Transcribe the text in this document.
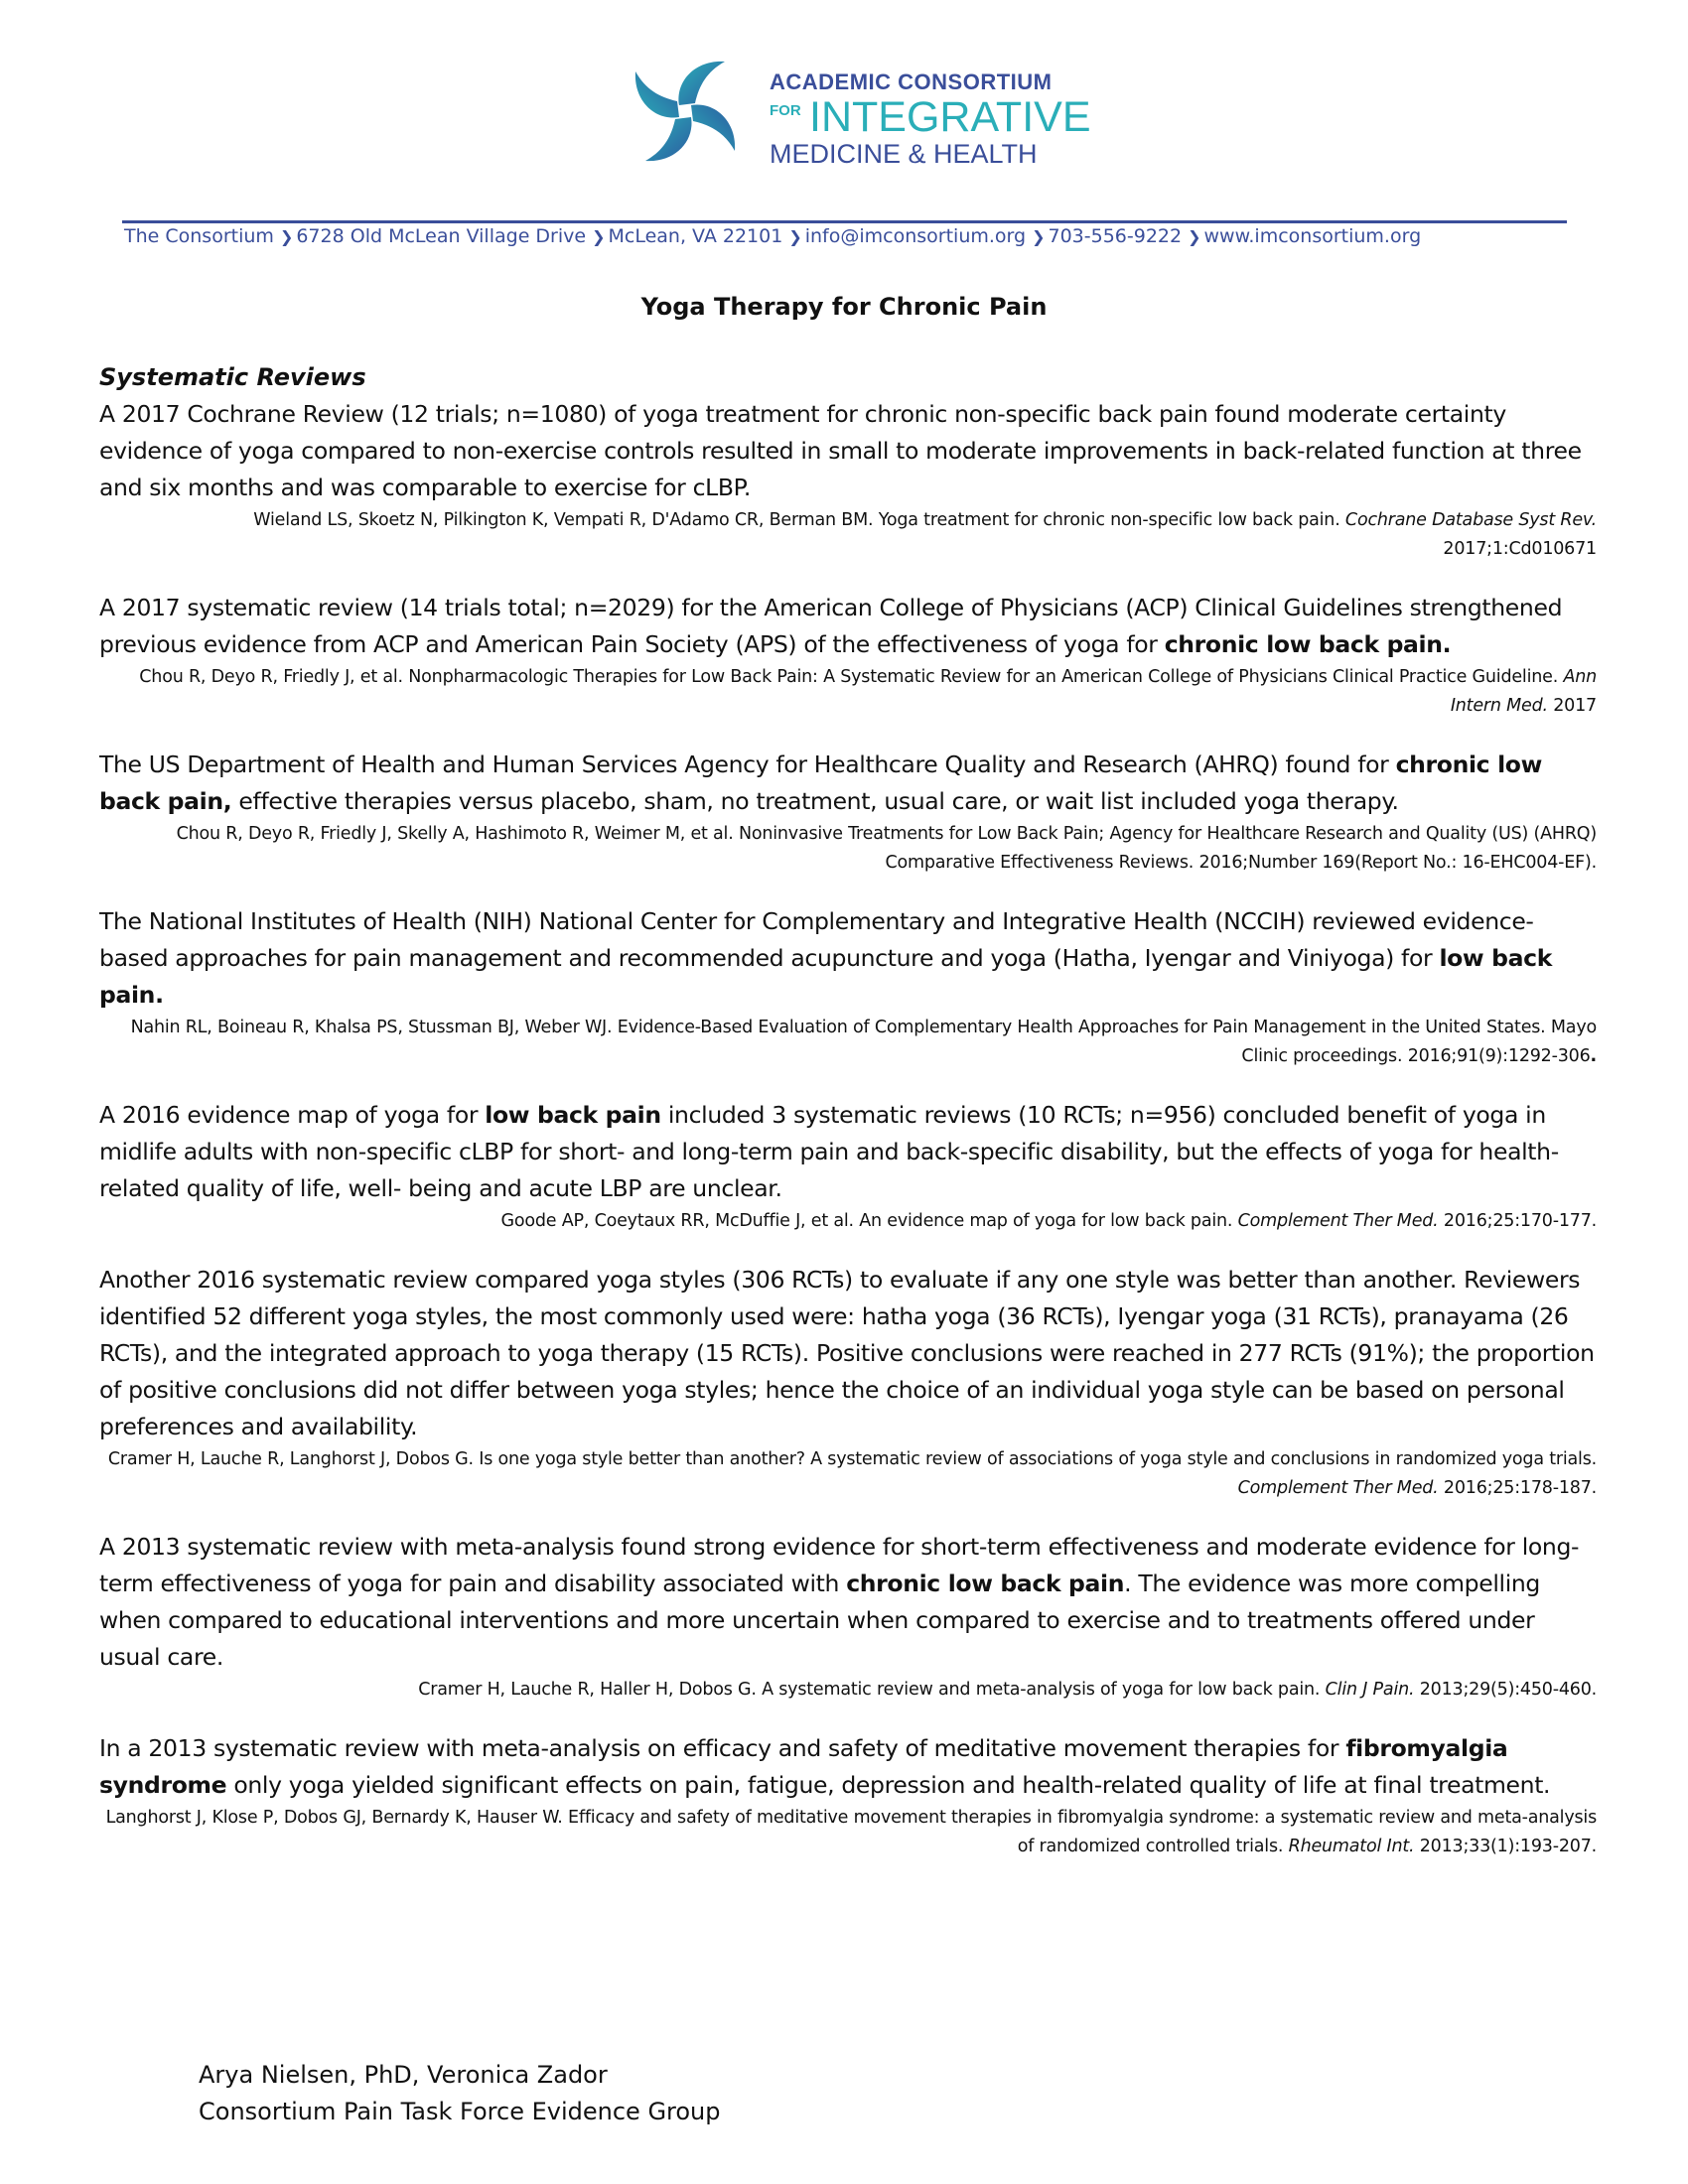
ACADEMIC CONSORTIUM
FOR INTEGRATIVE
MEDICINE & HEALTH
The Consortium ❯ 6728 Old McLean Village Drive ❯ McLean, VA 22101 ❯ info@imconsortium.org ❯ 703-556-9222 ❯ www.imconsortium.org
Yoga Therapy for Chronic Pain

Systematic Reviews

A 2017 Cochrane Review (12 trials; n=1080) of yoga treatment for chronic non-specific back pain found moderate certainty evidence of yoga compared to non-exercise controls resulted in small to moderate improvements in back-related function at three and six months and was comparable to exercise for cLBP.

Wieland LS, Skoetz N, Pilkington K, Vempati R, D'Adamo CR, Berman BM. Yoga treatment for chronic non-specific low back pain. Cochrane Database Syst Rev. 2017;1:Cd010671

A 2017 systematic review (14 trials total; n=2029) for the American College of Physicians (ACP) Clinical Guidelines strengthened previous evidence from ACP and American Pain Society (APS) of the effectiveness of yoga for chronic low back pain.

Chou R, Deyo R, Friedly J, et al. Nonpharmacologic Therapies for Low Back Pain: A Systematic Review for an American College of Physicians Clinical Practice Guideline. Ann Intern Med. 2017

The US Department of Health and Human Services Agency for Healthcare Quality and Research (AHRQ) found for chronic low back pain, effective therapies versus placebo, sham, no treatment, usual care, or wait list included yoga therapy.

Chou R, Deyo R, Friedly J, Skelly A, Hashimoto R, Weimer M, et al. Noninvasive Treatments for Low Back Pain; Agency for Healthcare Research and Quality (US) (AHRQ) Comparative Effectiveness Reviews. 2016;Number 169(Report No.: 16-EHC004-EF).

The National Institutes of Health (NIH) National Center for Complementary and Integrative Health (NCCIH) reviewed evidence-based approaches for pain management and recommended acupuncture and yoga (Hatha, Iyengar and Viniyoga) for low back pain.

Nahin RL, Boineau R, Khalsa PS, Stussman BJ, Weber WJ. Evidence-Based Evaluation of Complementary Health Approaches for Pain Management in the United States. Mayo Clinic proceedings. 2016;91(9):1292-306.

A 2016 evidence map of yoga for low back pain included 3 systematic reviews (10 RCTs; n=956) concluded benefit of yoga in midlife adults with non-specific cLBP for short- and long-term pain and back-specific disability, but the effects of yoga for health-related quality of life, well- being and acute LBP are unclear.

Goode AP, Coeytaux RR, McDuffie J, et al. An evidence map of yoga for low back pain. Complement Ther Med. 2016;25:170-177.

Another 2016 systematic review compared yoga styles (306 RCTs) to evaluate if any one style was better than another. Reviewers identified 52 different yoga styles, the most commonly used were: hatha yoga (36 RCTs), Iyengar yoga (31 RCTs), pranayama (26 RCTs), and the integrated approach to yoga therapy (15 RCTs). Positive conclusions were reached in 277 RCTs (91%); the proportion of positive conclusions did not differ between yoga styles; hence the choice of an individual yoga style can be based on personal preferences and availability.

Cramer H, Lauche R, Langhorst J, Dobos G. Is one yoga style better than another? A systematic review of associations of yoga style and conclusions in randomized yoga trials. Complement Ther Med. 2016;25:178-187.

A 2013 systematic review with meta-analysis found strong evidence for short-term effectiveness and moderate evidence for long-term effectiveness of yoga for pain and disability associated with chronic low back pain. The evidence was more compelling when compared to educational interventions and more uncertain when compared to exercise and to treatments offered under usual care.

Cramer H, Lauche R, Haller H, Dobos G. A systematic review and meta-analysis of yoga for low back pain. Clin J Pain. 2013;29(5):450-460.

In a 2013 systematic review with meta-analysis on efficacy and safety of meditative movement therapies for fibromyalgia syndrome only yoga yielded significant effects on pain, fatigue, depression and health-related quality of life at final treatment.

Langhorst J, Klose P, Dobos GJ, Bernardy K, Hauser W. Efficacy and safety of meditative movement therapies in fibromyalgia syndrome: a systematic review and meta-analysis of randomized controlled trials. Rheumatol Int. 2013;33(1):193-207.

Arya Nielsen, PhD, Veronica Zador
Consortium Pain Task Force Evidence Group
